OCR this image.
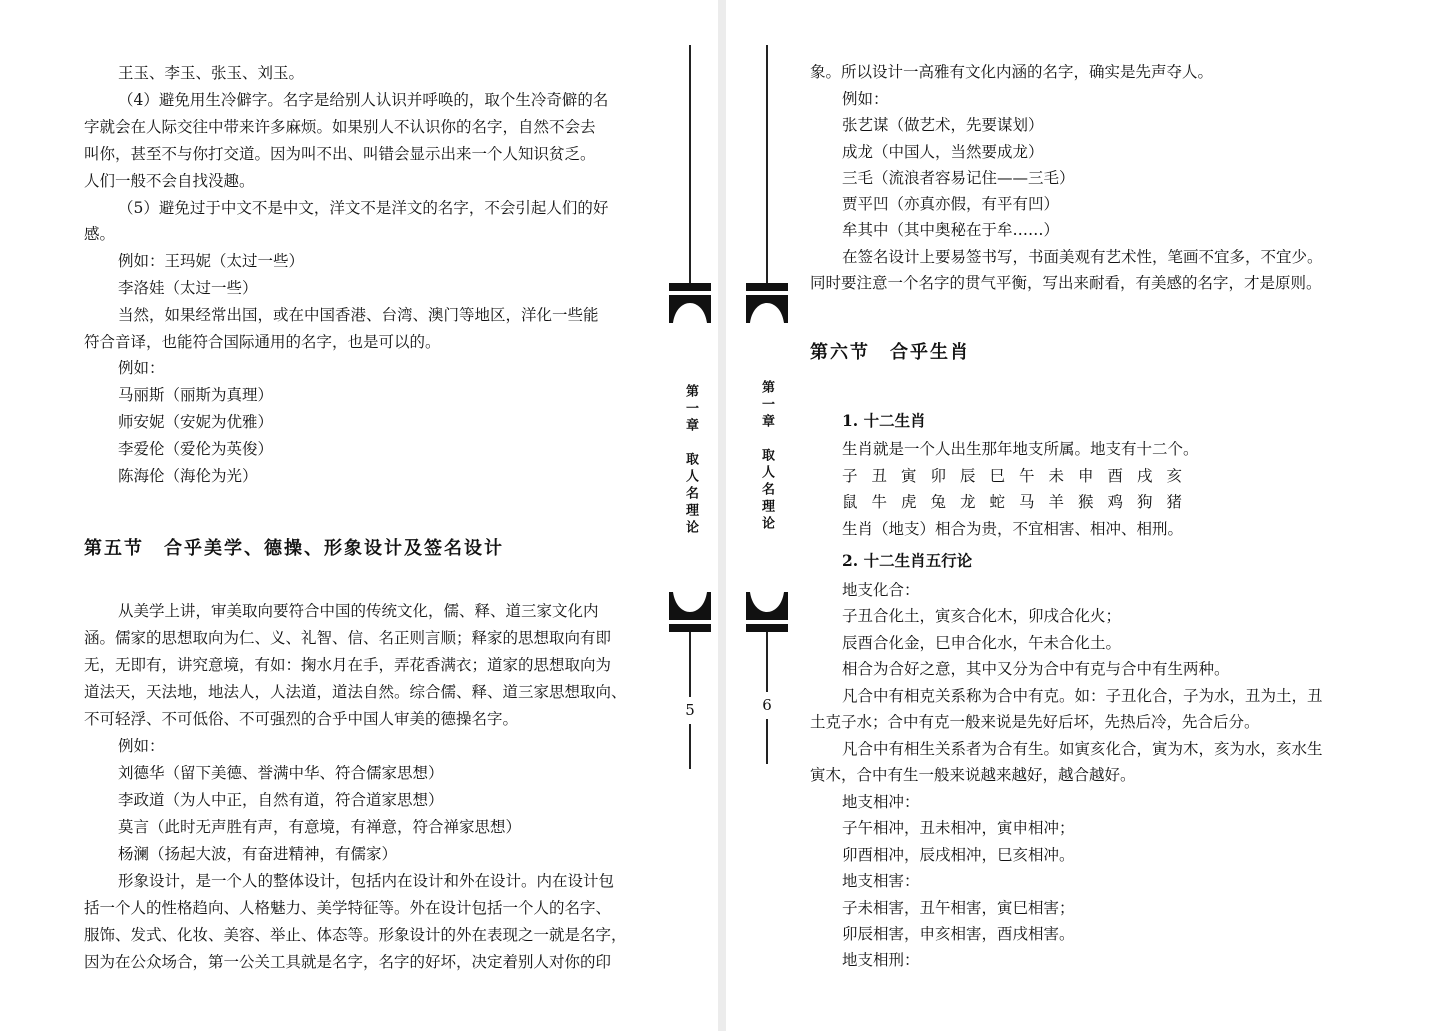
王玉、李玉、张玉、刘玉。
（4）避免用生冷僻字。名字是给别人认识并呼唤的，取个生冷奇僻的名
字就会在人际交往中带来许多麻烦。如果别人不认识你的名字，自然不会去
叫你，甚至不与你打交道。因为叫不出、叫错会显示出来一个人知识贫乏。
人们一般不会自找没趣。
（5）避免过于中文不是中文，洋文不是洋文的名字，不会引起人们的好
感。
例如：王玛妮（太过一些）
李洛娃（太过一些）
当然，如果经常出国，或在中国香港、台湾、澳门等地区，洋化一些能
符合音译，也能符合国际通用的名字，也是可以的。
例如：
马丽斯（丽斯为真理）
师安妮（安妮为优雅）
李爱伦（爱伦为英俊）
陈海伦（海伦为光）
第五节　合乎美学、德操、形象设计及签名设计
从美学上讲，审美取向要符合中国的传统文化，儒、释、道三家文化内
涵。儒家的思想取向为仁、义、礼智、信、名正则言顺；释家的思想取向有即
无，无即有，讲究意境，有如：掬水月在手，弄花香满衣；道家的思想取向为
道法天，天法地，地法人，人法道，道法自然。综合儒、释、道三家思想取向、
不可轻浮、不可低俗、不可强烈的合乎中国人审美的德操名字。
例如：
刘德华（留下美德、誉满中华、符合儒家思想）
李政道（为人中正，自然有道，符合道家思想）
莫言（此时无声胜有声，有意境，有禅意，符合禅家思想）
杨澜（扬起大波，有奋进精神，有儒家）
形象设计，是一个人的整体设计，包括内在设计和外在设计。内在设计包
括一个人的性格趋向、人格魅力、美学特征等。外在设计包括一个人的名字、
服饰、发式、化妆、美容、举止、体态等。形象设计的外在表现之一就是名字，
因为在公众场合，第一公关工具就是名字，名字的好坏，决定着别人对你的印
第一章　取人名理论
5
第一章　取人名理论
6
象。所以设计一高雅有文化内涵的名字，确实是先声夺人。
例如：
张艺谋（做艺术，先要谋划）
成龙（中国人，当然要成龙）
三毛（流浪者容易记住——三毛）
贾平凹（亦真亦假，有平有凹）
牟其中（其中奥秘在于牟……）
在签名设计上要易签书写，书面美观有艺术性，笔画不宜多，不宜少。
同时要注意一个名字的贯气平衡，写出来耐看，有美感的名字，才是原则。
第六节　合乎生肖
1. 十二生肖
生肖就是一个人出生那年地支所属。地支有十二个。
子 丑 寅 卯 辰 巳 午 未 申 酉 戌 亥
鼠 牛 虎 兔 龙 蛇 马 羊 猴 鸡 狗 猪
生肖（地支）相合为贵，不宜相害、相冲、相刑。
2. 十二生肖五行论
地支化合：
子丑合化土，寅亥合化木，卯戌合化火；
辰酉合化金，巳申合化水，午未合化土。
相合为合好之意，其中又分为合中有克与合中有生两种。
凡合中有相克关系称为合中有克。如：子丑化合，子为水，丑为土，丑
土克子水；合中有克一般来说是先好后坏，先热后冷，先合后分。
凡合中有相生关系者为合有生。如寅亥化合，寅为木，亥为水，亥水生
寅木，合中有生一般来说越来越好，越合越好。
地支相冲：
子午相冲，丑未相冲，寅申相冲；
卯酉相冲，辰戌相冲，巳亥相冲。
地支相害：
子未相害，丑午相害，寅巳相害；
卯辰相害，申亥相害，酉戌相害。
地支相刑：
